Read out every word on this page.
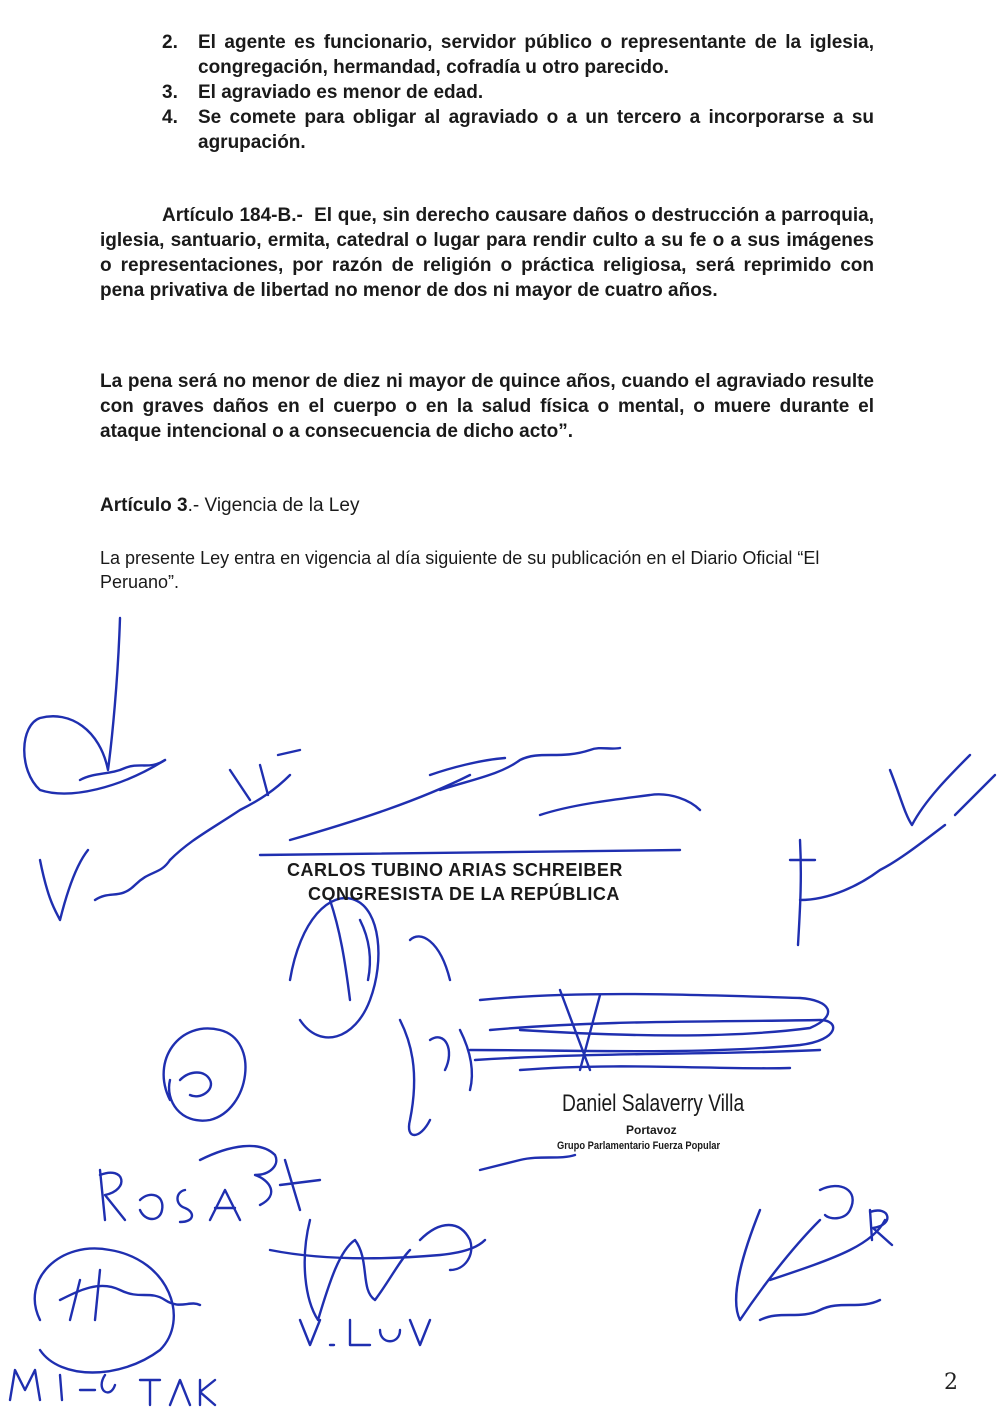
2.	El agente es funcionario, servidor público o representante de la iglesia, congregación, hermandad, cofradía u otro parecido.
3.	El agraviado es menor de edad.
4.	Se comete para obligar al agraviado o a un tercero a incorporarse a su agrupación.

Artículo 184-B.- El que, sin derecho causare daños o destrucción a parroquia, iglesia, santuario, ermita, catedral o lugar para rendir culto a su fe o a sus imágenes o representaciones, por razón de religión o práctica religiosa, será reprimido con pena privativa de libertad no menor de dos ni mayor de cuatro años.

La pena será no menor de diez ni mayor de quince años, cuando el agraviado resulte con graves daños en el cuerpo o en la salud física o mental, o muere durante el ataque intencional o a consecuencia de dicho acto”.

Artículo 3.- Vigencia de la Ley

La presente Ley entra en vigencia al día siguiente de su publicación en el Diario Oficial “El Peruano”.

CARLOS TUBINO ARIAS SCHREIBER
CONGRESISTA DE LA REPÚBLICA
Daniel Salaverry Villa
Portavoz
Grupo Parlamentario Fuerza Popular
2
